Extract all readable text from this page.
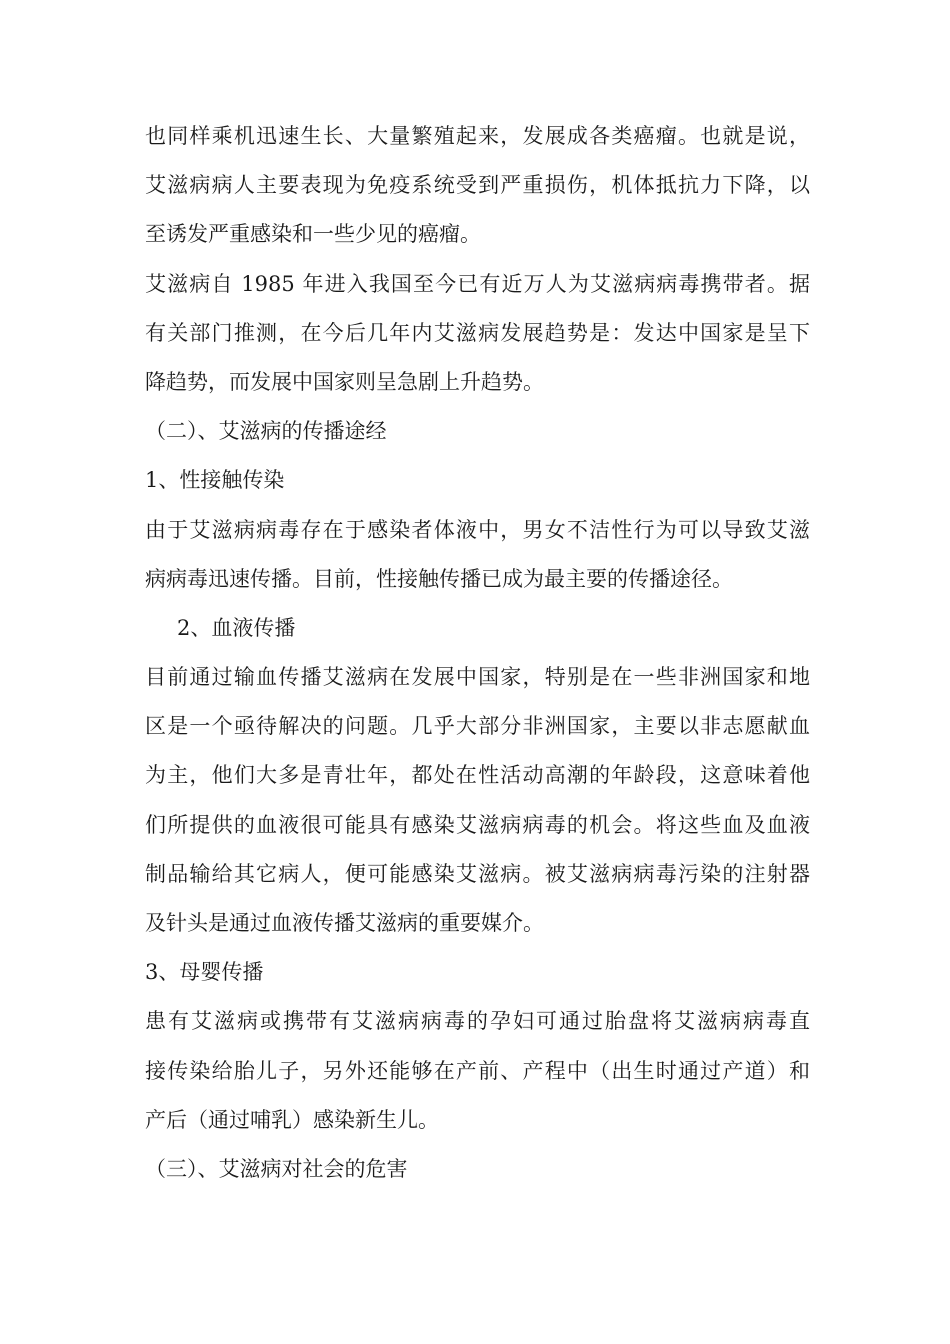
也同样乘机迅速生长、大量繁殖起来，发展成各类癌瘤。也就是说，
艾滋病病人主要表现为免疫系统受到严重损伤，机体抵抗力下降，以
至诱发严重感染和一些少见的癌瘤。
艾滋病自 1985 年进入我国至今已有近万人为艾滋病病毒携带者。据
有关部门推测，在今后几年内艾滋病发展趋势是：发达中国家是呈下
降趋势，而发展中国家则呈急剧上升趋势。
（二）、艾滋病的传播途经
1、性接触传染
由于艾滋病病毒存在于感染者体液中，男女不洁性行为可以导致艾滋
病病毒迅速传播。目前，性接触传播已成为最主要的传播途径。
2、血液传播
目前通过输血传播艾滋病在发展中国家，特别是在一些非洲国家和地
区是一个亟待解决的问题。几乎大部分非洲国家，主要以非志愿献血
为主，他们大多是青壮年，都处在性活动高潮的年龄段，这意味着他
们所提供的血液很可能具有感染艾滋病病毒的机会。将这些血及血液
制品输给其它病人，便可能感染艾滋病。被艾滋病病毒污染的注射器
及针头是通过血液传播艾滋病的重要媒介。
3、母婴传播
患有艾滋病或携带有艾滋病病毒的孕妇可通过胎盘将艾滋病病毒直
接传染给胎儿子，另外还能够在产前、产程中（出生时通过产道）和
产后（通过哺乳）感染新生儿。
（三）、艾滋病对社会的危害
